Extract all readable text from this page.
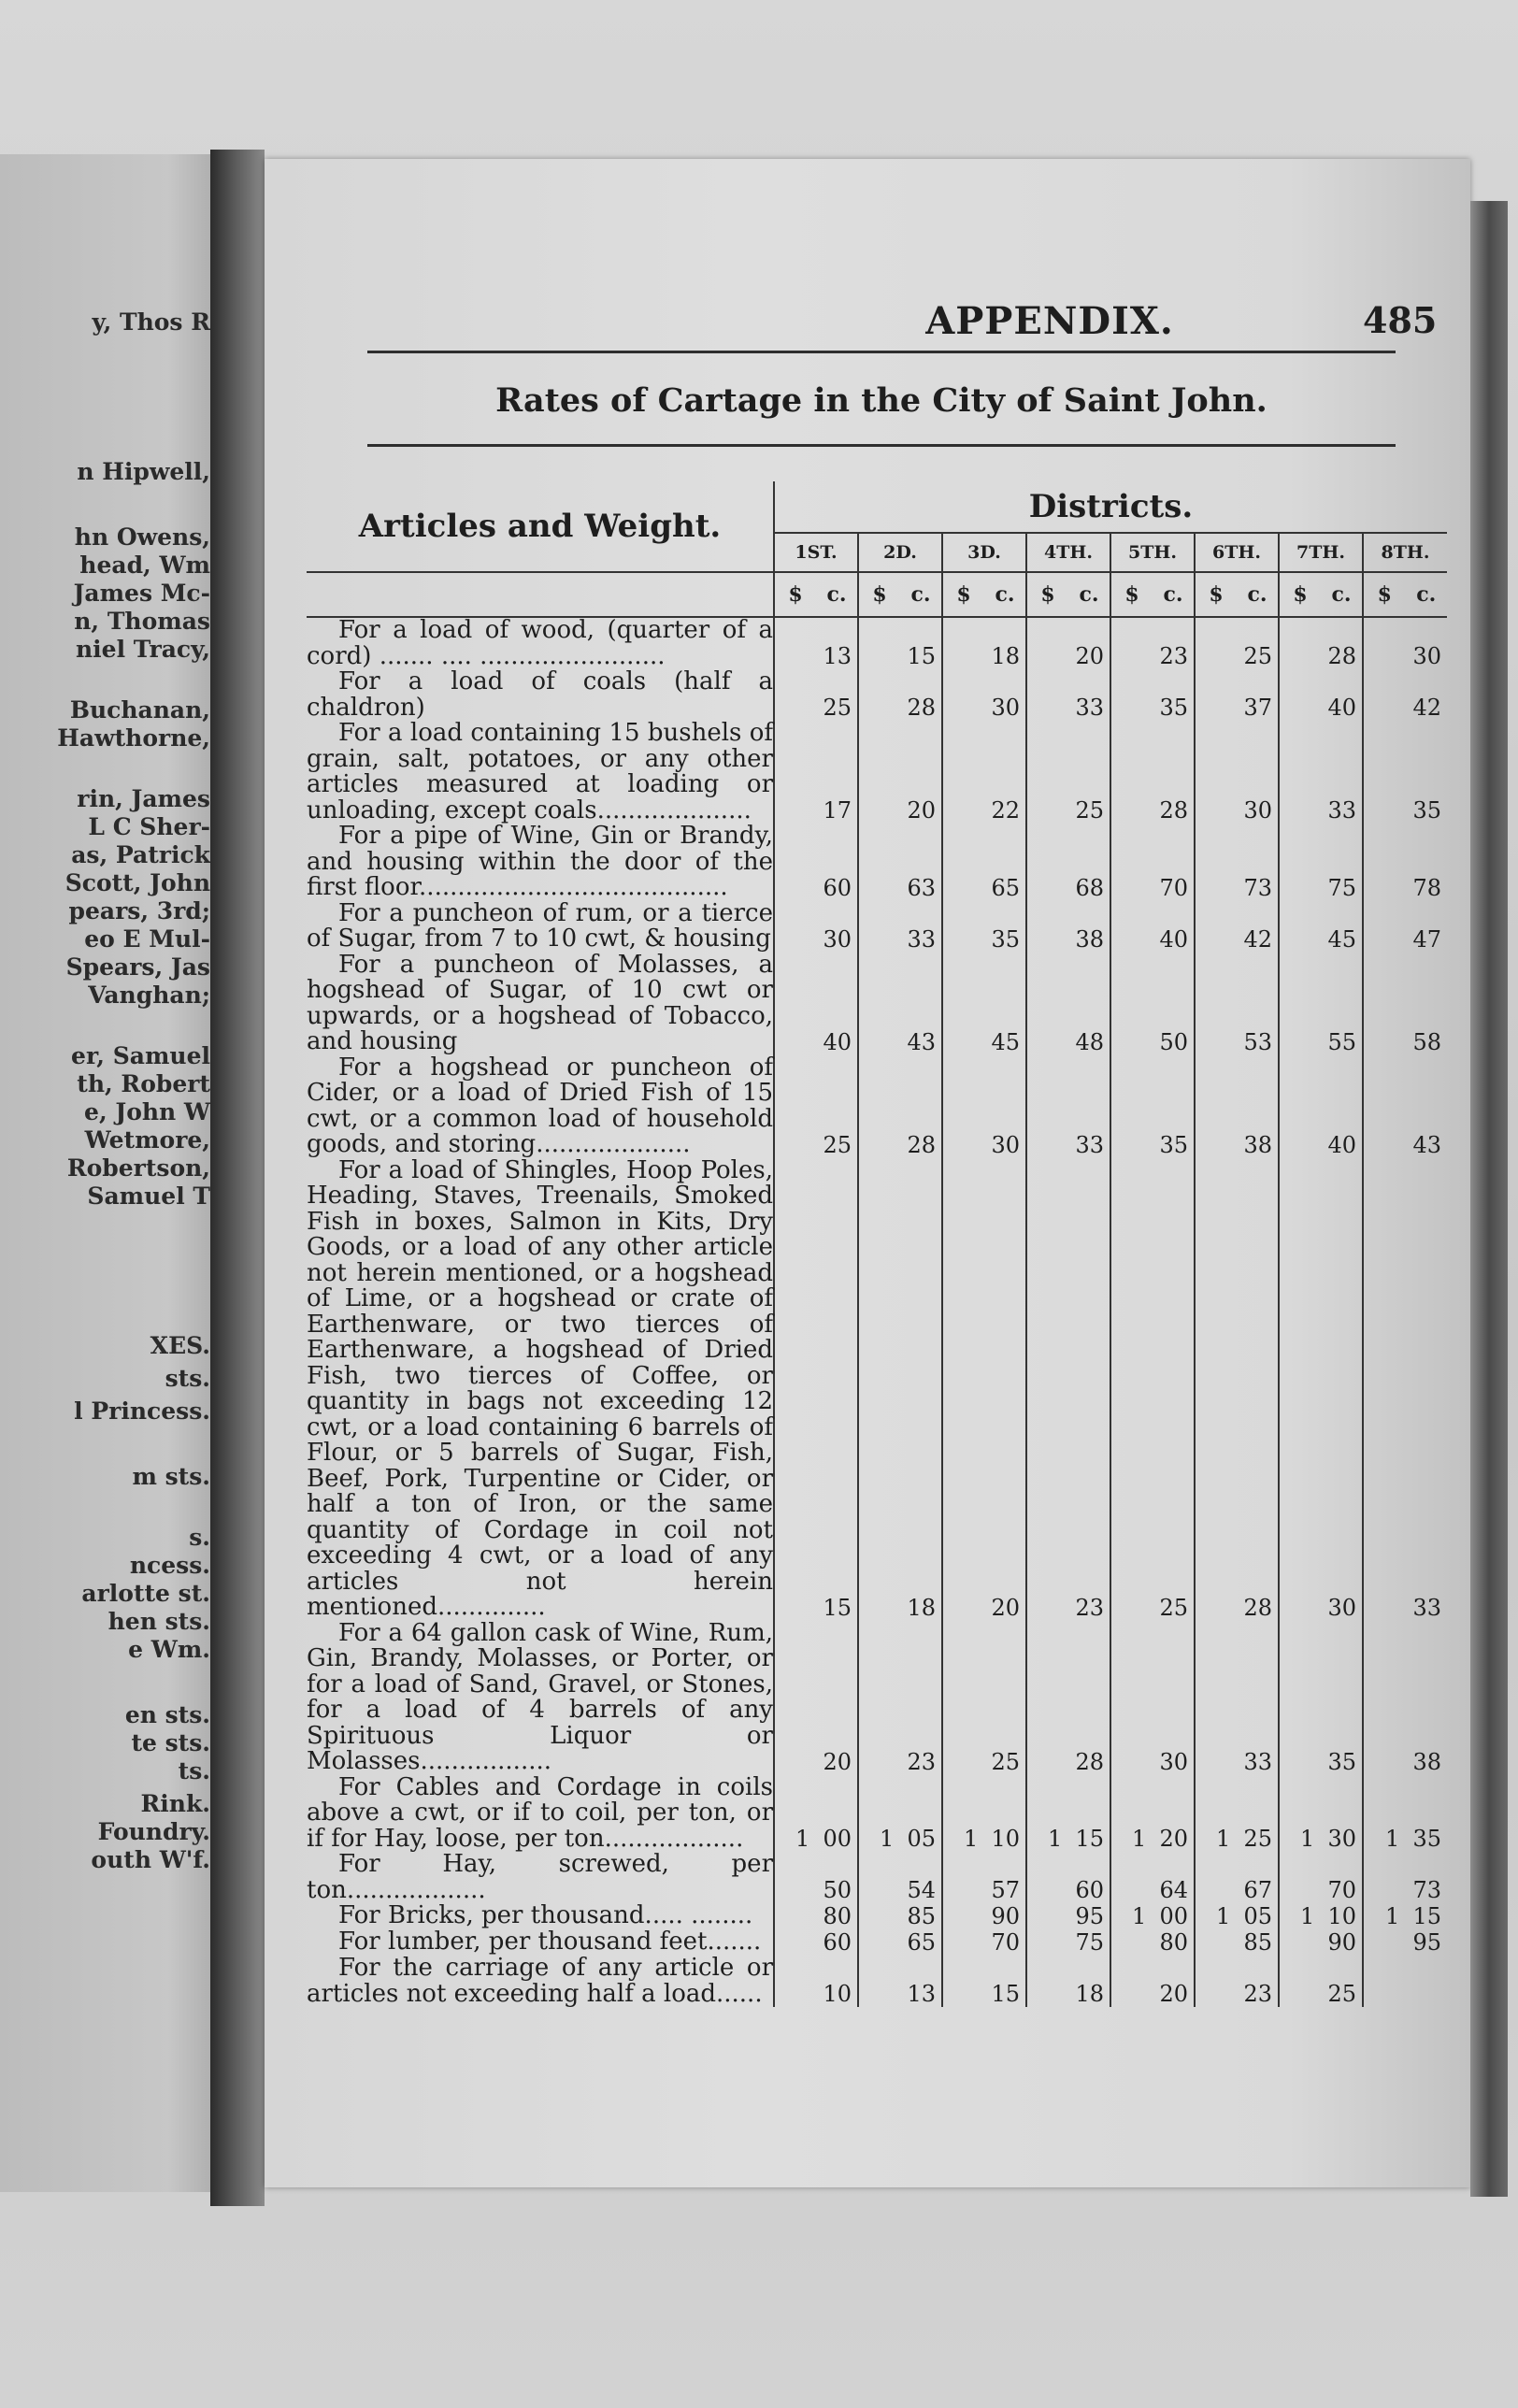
y, Thos R
n Hipwell,
hn Owens,
head, Wm
James Mc-
n, Thomas
niel Tracy,
Buchanan,
Hawthorne,
rin, James
L C Sher-
as, Patrick
Scott, John
pears, 3rd;
eo E Mul-
Spears, Jas
Vanghan;
er, Samuel
th, Robert
e, John W
Wetmore,
Robertson,
Samuel T
XES.
sts.
l Princess.
m sts.
s.
ncess.
arlotte st.
hen sts.
e Wm.
en sts.
te sts.
ts.
Rink.
Foundry.
outh W'f.
APPENDIX.	485
Rates of Cartage in the City of Saint John.
Articles and Weight.	Districts.							
	1ST.	2D.	3D.	4TH.	5TH.	6TH.	7TH.	8TH.
	$ c.	$ c.	$ c.	$ c.	$ c.	$ c.	$ c.	$ c.
For a load of wood, (quarter of a cord) ....... .... ........................	13	15	18	20	23	25	28	30
For a load of coals (half a chaldron)	25	28	30	33	35	37	40	42
For a load containing 15 bushels of grain, salt, potatoes, or any other articles measured at loading or unloading, except coals....................	17	20	22	25	28	30	33	35
For a pipe of Wine, Gin or Brandy, and housing within the door of the first floor........................................	60	63	65	68	70	73	75	78
For a puncheon of rum, or a tierce of Sugar, from 7 to 10 cwt, & housing	30	33	35	38	40	42	45	47
For a puncheon of Molasses, a hogshead of Sugar, of 10 cwt or upwards, or a hogshead of Tobacco, and housing	40	43	45	48	50	53	55	58
For a hogshead or puncheon of Cider, or a load of Dried Fish of 15 cwt, or a common load of household goods, and storing....................	25	28	30	33	35	38	40	43
For a load of Shingles, Hoop Poles, Heading, Staves, Treenails, Smoked Fish in boxes, Salmon in Kits, Dry Goods, or a load of any other article not herein mentioned, or a hogshead of Lime, or a hogshead or crate of Earthenware, or two tierces of Earthenware, a hogshead of Dried Fish, two tierces of Coffee, or quantity in bags not exceeding 12 cwt, or a load containing 6 barrels of Flour, or 5 barrels of Sugar, Fish, Beef, Pork, Turpentine or Cider, or half a ton of Iron, or the same quantity of Cordage in coil not exceeding 4 cwt, or a load of any articles not herein mentioned..............	15	18	20	23	25	28	30	33
For a 64 gallon cask of Wine, Rum, Gin, Brandy, Molasses, or Porter, or for a load of Sand, Gravel, or Stones, for a load of 4 barrels of any Spirituous Liquor or Molasses.................	20	23	25	28	30	33	35	38
For Cables and Cordage in coils above a cwt, or if to coil, per ton, or if for Hay, loose, per ton..................	1 00	1 05	1 10	1 15	1 20	1 25	1 30	1 35
For Hay, screwed, per ton..................	50	54	57	60	64	67	70	73
For Bricks, per thousand..... ........	80	85	90	95	1 00	1 05	1 10	1 15
For lumber, per thousand feet.......	60	65	70	75	80	85	90	95
For the carriage of any article or articles not exceeding half a load......	10	13	15	18	20	23	25	
